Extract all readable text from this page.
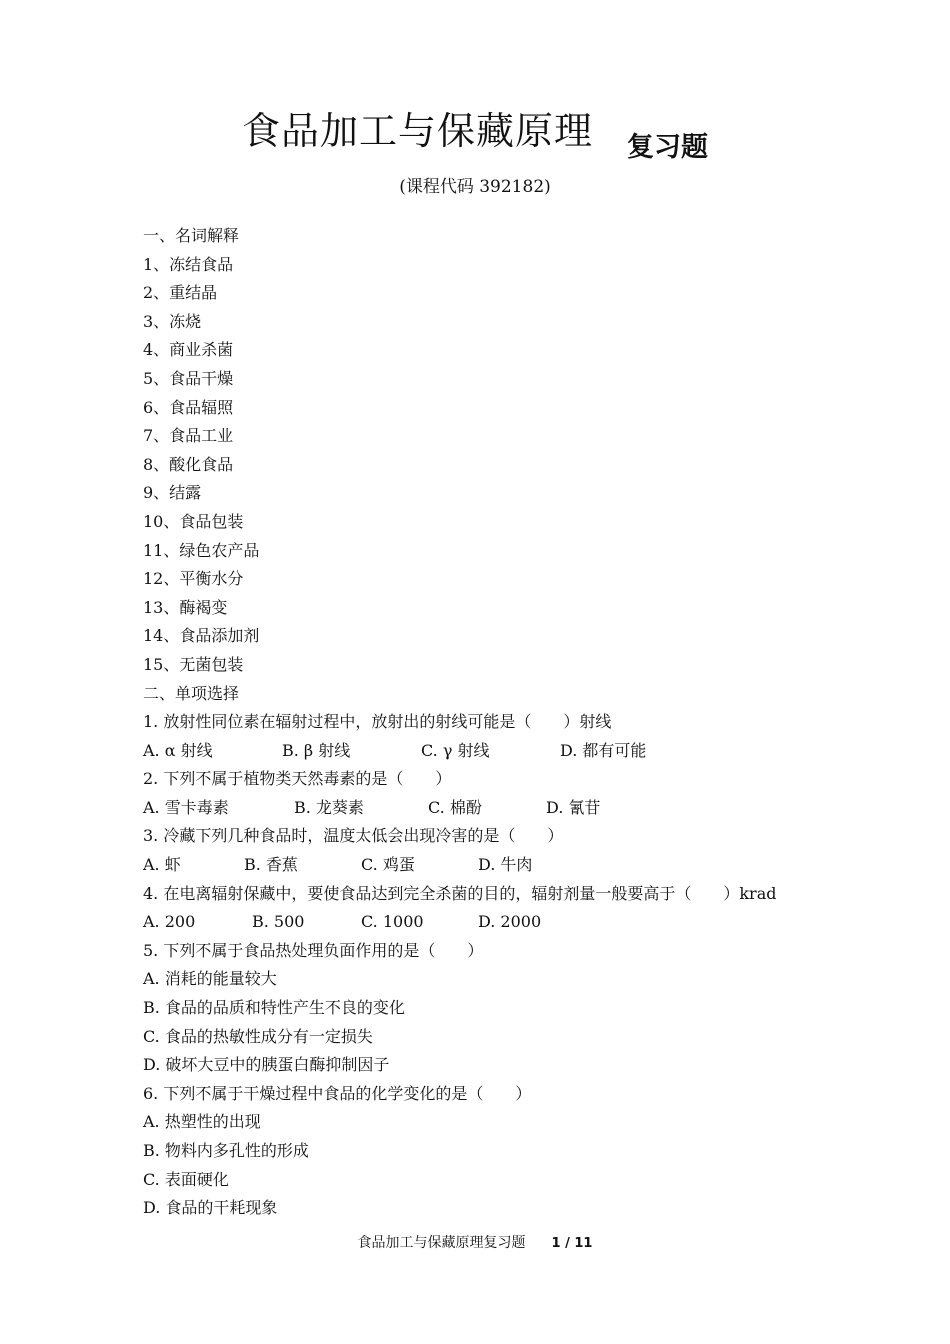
食品加工与保藏原理 复习题
(课程代码 392182)
一、名词解释
1、冻结食品
2、重结晶
3、冻烧
4、商业杀菌
5、食品干燥
6、食品辐照
7、食品工业
8、酸化食品
9、结露
10、食品包装
11、绿色农产品
12、平衡水分
13、酶褐变
14、食品添加剂
15、无菌包装
二、单项选择
1. 放射性同位素在辐射过程中，放射出的射线可能是（　　）射线
A. α 射线	B. β 射线	C. γ 射线	D. 都有可能
2. 下列不属于植物类天然毒素的是（　　）
A. 雪卡毒素	B. 龙葵素	C. 棉酚	D. 氰苷
3. 冷藏下列几种食品时，温度太低会出现冷害的是（　　）
A. 虾	B. 香蕉	C. 鸡蛋	D. 牛肉
4. 在电离辐射保藏中，要使食品达到完全杀菌的目的，辐射剂量一般要高于（　　）krad
A. 200	B. 500	C. 1000	D. 2000
5. 下列不属于食品热处理负面作用的是（　　）
A. 消耗的能量较大
B. 食品的品质和特性产生不良的变化
C. 食品的热敏性成分有一定损失
D. 破坏大豆中的胰蛋白酶抑制因子
6. 下列不属于干燥过程中食品的化学变化的是（　　）
A. 热塑性的出现
B. 物料内多孔性的形成
C. 表面硬化
D. 食品的干耗现象
食品加工与保藏原理复习题 1 / 11
